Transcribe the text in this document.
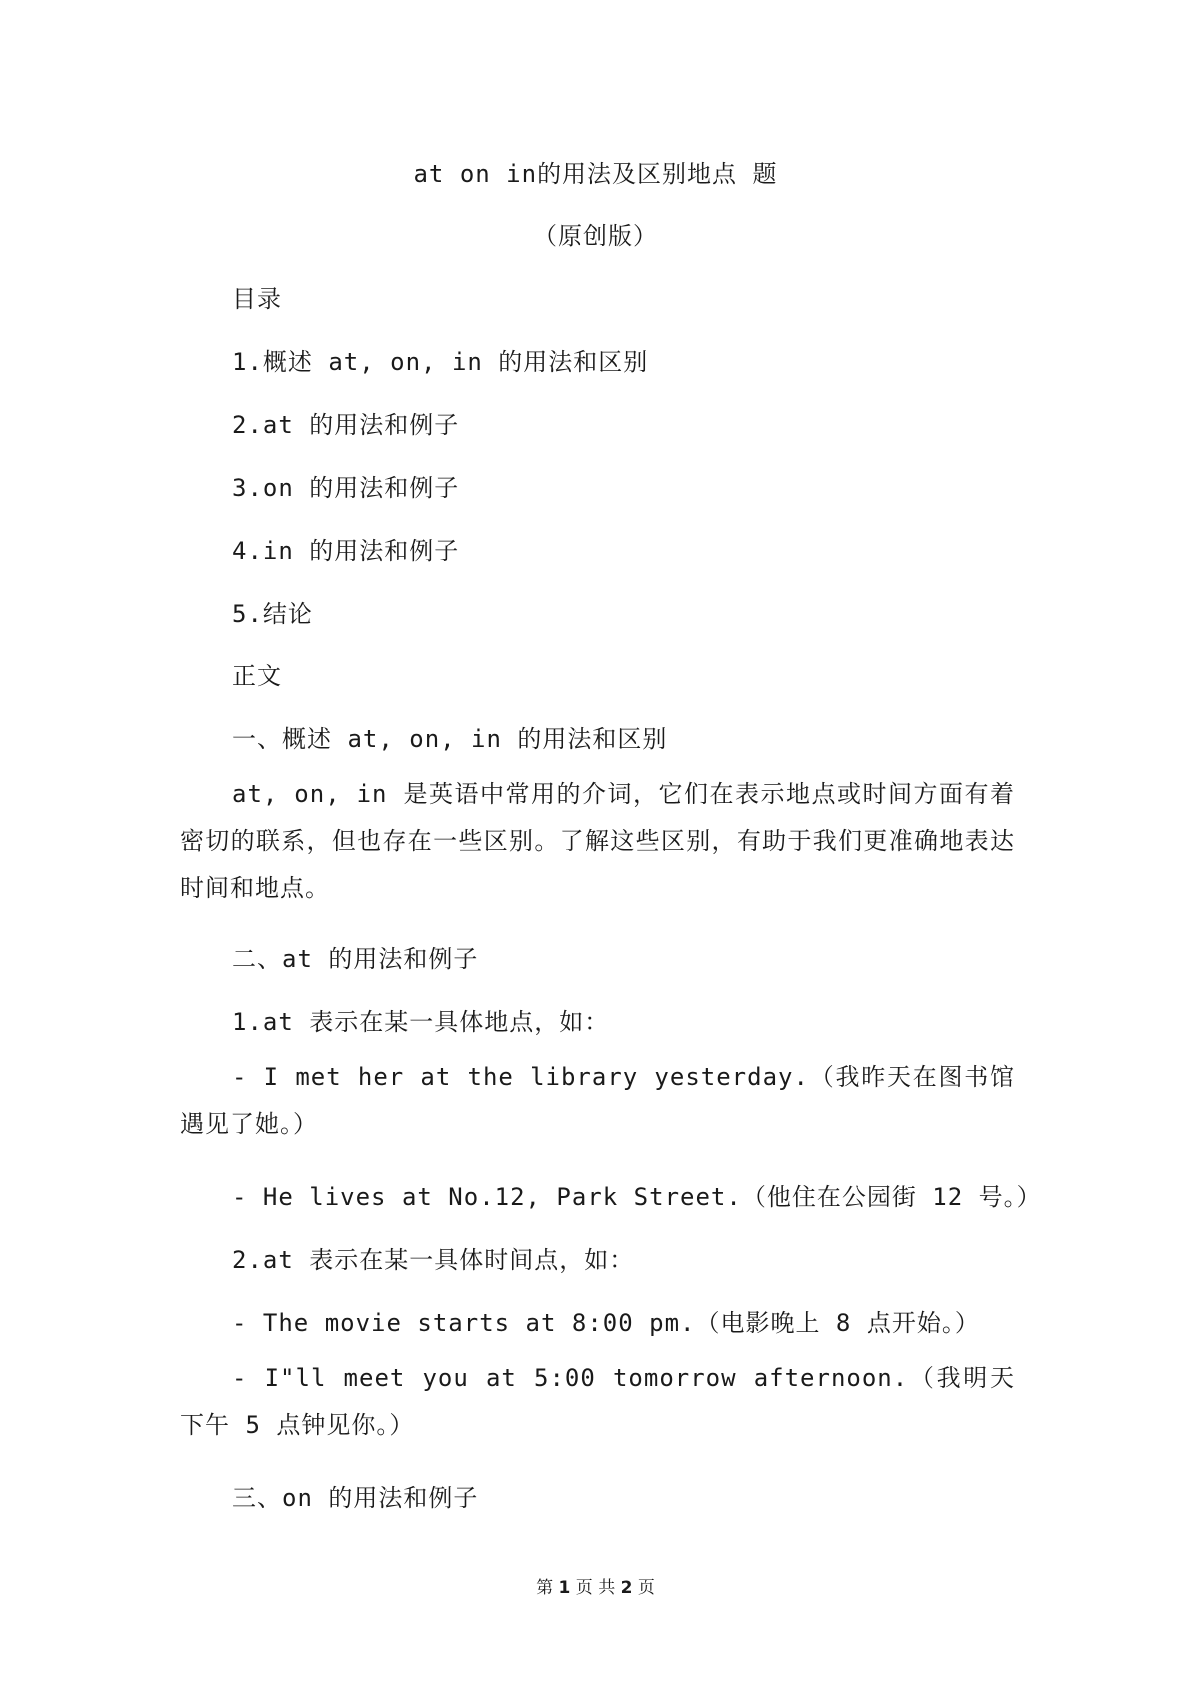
at on in的用法及区别地点 题
（原创版）
目录
1.概述 at, on, in 的用法和区别
2.at 的用法和例子
3.on 的用法和例子
4.in 的用法和例子
5.结论
正文
一、概述 at, on, in 的用法和区别
at, on, in 是英语中常用的介词，它们在表示地点或时间方面有着密切的联系，但也存在一些区别。了解这些区别，有助于我们更准确地表达时间和地点。
二、at 的用法和例子
1.at 表示在某一具体地点，如：
- I met her at the library yesterday.（我昨天在图书馆遇见了她。）
- He lives at No.12, Park Street.（他住在公园街 12 号。）
2.at 表示在某一具体时间点，如：
- The movie starts at 8:00 pm.（电影晚上 8 点开始。）
- I"ll meet you at 5:00 tomorrow afternoon.（我明天下午 5 点钟见你。）
三、on 的用法和例子
第 1 页 共 2 页
